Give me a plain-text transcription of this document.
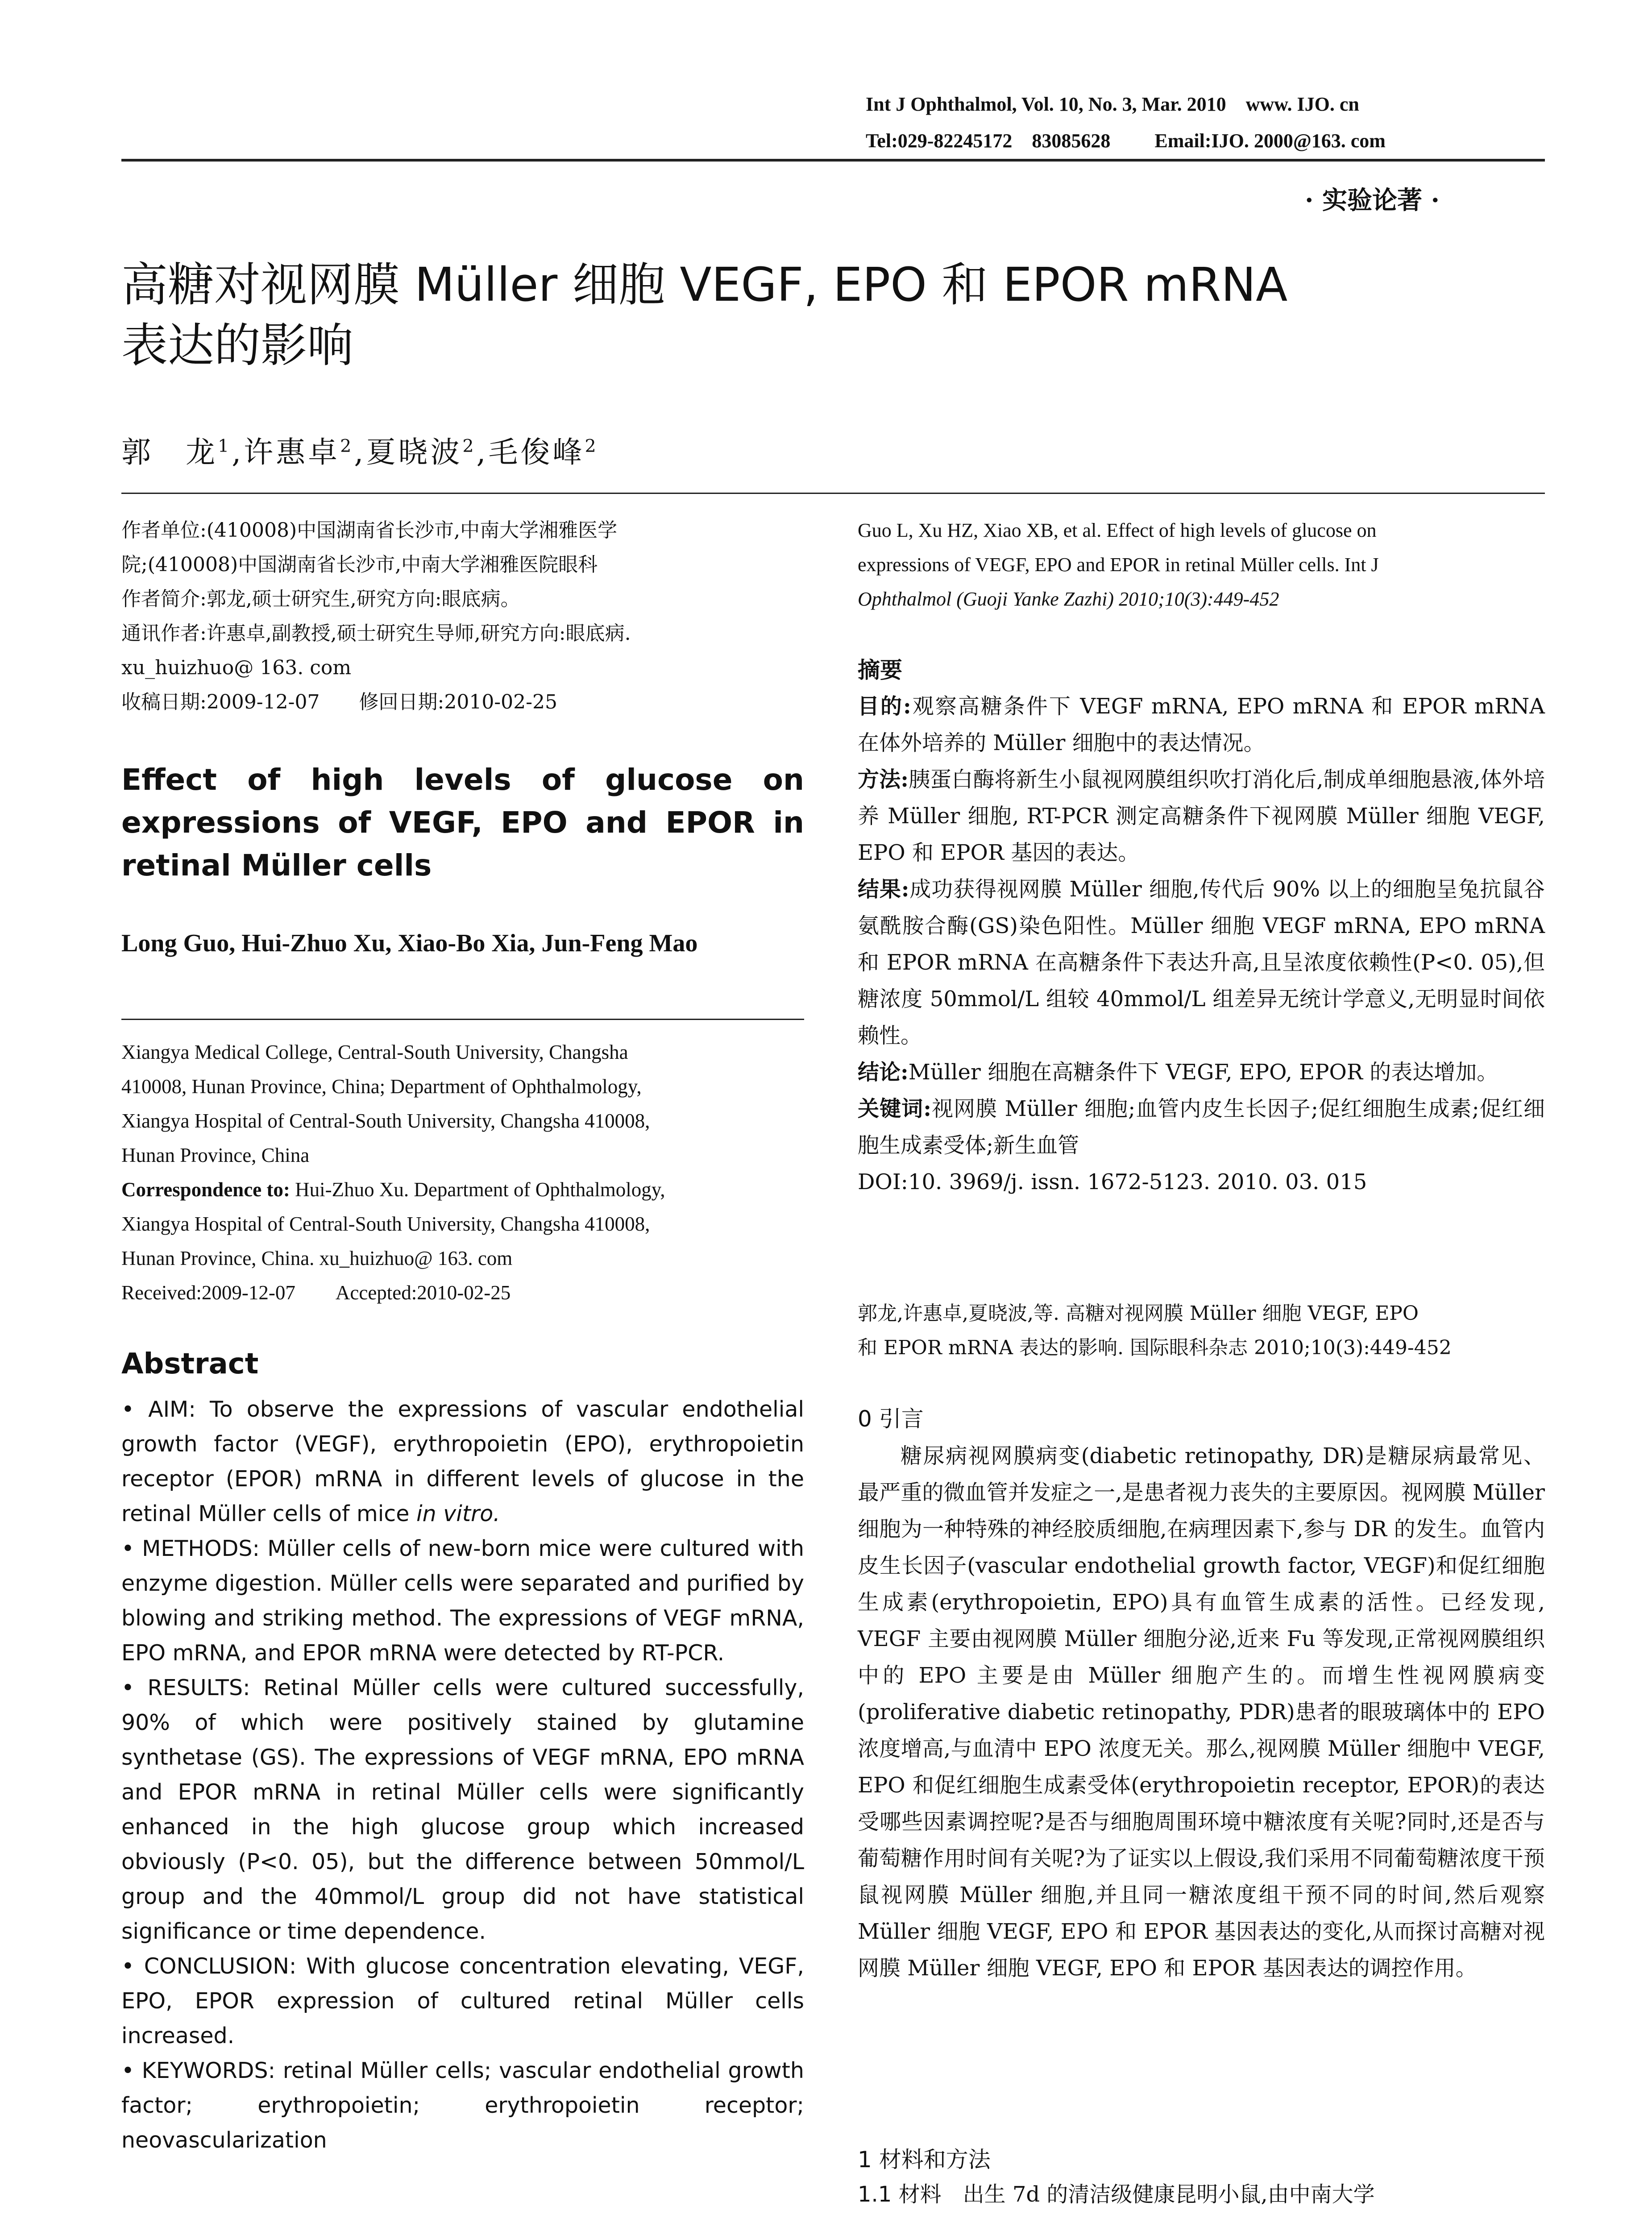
Int J Ophthalmol, Vol. 10, No. 3, Mar. 2010    www. IJO. cn
Tel:029-82245172    83085628         Email:IJO. 2000@163. com
· 实验论著 ·
高糖对视网膜 Müller 细胞 VEGF, EPO 和 EPOR mRNA
表达的影响
郭　龙$^1$,许惠卓$^2$,夏晓波$^2$,毛俊峰$^2$

作者单位:(410008)中国湖南省长沙市,中南大学湘雅医学

院;(410008)中国湖南省长沙市,中南大学湘雅医院眼科

作者简介:郭龙,硕士研究生,研究方向:眼底病。

通讯作者:许惠卓,副教授,硕士研究生导师,研究方向:眼底病.

xu_huizhuo@ 163. com

收稿日期:2009-12-07　　修回日期:2010-02-25

Effect of high levels of glucose on expressions of VEGF, EPO and EPOR in retinal Müller cells
Long Guo, Hui-Zhuo Xu, Xiao-Bo Xia, Jun-Feng Mao
Xiangya Medical College, Central-South University, Changsha
410008, Hunan Province, China; Department of Ophthalmology,
Xiangya Hospital of Central-South University, Changsha 410008,
Hunan Province, China
Correspondence to: Hui-Zhuo Xu. Department of Ophthalmology,
Xiangya Hospital of Central-South University, Changsha 410008,
Hunan Province, China. xu_huizhuo@ 163. com
Received:2009-12-07　　Accepted:2010-02-25
Abstract

• AIM: To observe the expressions of vascular endothelial growth factor (VEGF), erythropoietin (EPO), erythropoietin receptor (EPOR) mRNA in different levels of glucose in the retinal Müller cells of mice in vitro.

• METHODS: Müller cells of new-born mice were cultured with enzyme digestion. Müller cells were separated and purified by blowing and striking method. The expressions of VEGF mRNA, EPO mRNA, and EPOR mRNA were detected by RT-PCR.

• RESULTS: Retinal Müller cells were cultured successfully, 90% of which were positively stained by glutamine synthetase (GS). The expressions of VEGF mRNA, EPO mRNA and EPOR mRNA in retinal Müller cells were significantly enhanced in the high glucose group which increased obviously (P<0. 05), but the difference between 50mmol/L group and the 40mmol/L group did not have statistical significance or time dependence.

• CONCLUSION: With glucose concentration elevating, VEGF, EPO, EPOR expression of cultured retinal Müller cells increased.

• KEYWORDS: retinal Müller cells; vascular endothelial growth factor; erythropoietin; erythropoietin receptor; neovascularization

Guo L, Xu HZ, Xiao XB, et al. Effect of high levels of glucose on
expressions of VEGF, EPO and EPOR in retinal Müller cells. Int J
Ophthalmol (Guoji Yanke Zazhi) 2010;10(3):449-452
摘要

目的:观察高糖条件下 VEGF mRNA, EPO mRNA 和 EPOR mRNA 在体外培养的 Müller 细胞中的表达情况。

方法:胰蛋白酶将新生小鼠视网膜组织吹打消化后,制成单细胞悬液,体外培养 Müller 细胞, RT-PCR 测定高糖条件下视网膜 Müller 细胞 VEGF, EPO 和 EPOR 基因的表达。

结果:成功获得视网膜 Müller 细胞,传代后 90% 以上的细胞呈兔抗鼠谷氨酰胺合酶(GS)染色阳性。Müller 细胞 VEGF mRNA, EPO mRNA 和 EPOR mRNA 在高糖条件下表达升高,且呈浓度依赖性(P<0. 05),但糖浓度 50mmol/L 组较 40mmol/L 组差异无统计学意义,无明显时间依赖性。

结论:Müller 细胞在高糖条件下 VEGF, EPO, EPOR 的表达增加。

关键词:视网膜 Müller 细胞;血管内皮生长因子;促红细胞生成素;促红细胞生成素受体;新生血管

DOI:10. 3969/j. issn. 1672-5123. 2010. 03. 015

郭龙,许惠卓,夏晓波,等. 高糖对视网膜 Müller 细胞 VEGF, EPO

和 EPOR mRNA 表达的影响. 国际眼科杂志 2010;10(3):449-452

0 引言

糖尿病视网膜病变(diabetic retinopathy, DR)是糖尿病最常见、最严重的微血管并发症之一,是患者视力丧失的主要原因。视网膜 Müller 细胞为一种特殊的神经胶质细胞,在病理因素下,参与 DR 的发生。血管内皮生长因子(vascular endothelial growth factor, VEGF)和促红细胞生成素(erythropoietin, EPO)具有血管生成素的活性。已经发现, VEGF 主要由视网膜 Müller 细胞分泌,近来 Fu 等发现,正常视网膜组织中的 EPO 主要是由 Müller 细胞产生的。而增生性视网膜病变(proliferative diabetic retinopathy, PDR)患者的眼玻璃体中的 EPO 浓度增高,与血清中 EPO 浓度无关。那么,视网膜 Müller 细胞中 VEGF, EPO 和促红细胞生成素受体(erythropoietin receptor, EPOR)的表达受哪些因素调控呢?是否与细胞周围环境中糖浓度有关呢?同时,还是否与葡萄糖作用时间有关呢?为了证实以上假设,我们采用不同葡萄糖浓度干预鼠视网膜 Müller 细胞,并且同一糖浓度组干预不同的时间,然后观察 Müller 细胞 VEGF, EPO 和 EPOR 基因表达的变化,从而探讨高糖对视网膜 Müller 细胞 VEGF, EPO 和 EPOR 基因表达的调控作用。

1 材料和方法
1.1 材料　出生 7d 的清洁级健康昆明小鼠,由中南大学
